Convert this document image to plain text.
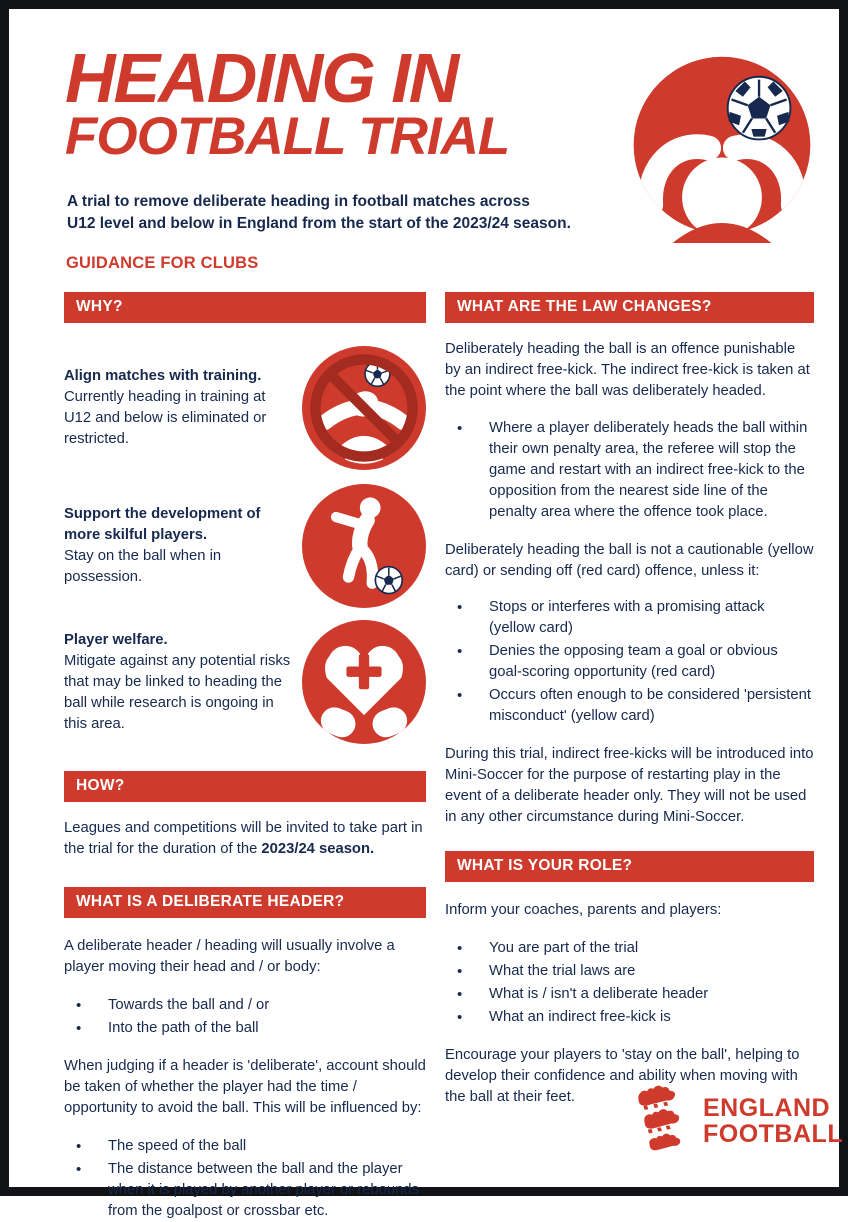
HEADING IN
FOOTBALL TRIAL
A trial to remove deliberate heading in football matches across
U12 level and below in England from the start of the 2023/24 season.
GUIDANCE FOR CLUBS
WHY?

Align matches with training.
Currently heading in training at U12 and below is eliminated or restricted.

Support the development of more skilful players.
Stay on the ball when in possession.

Player welfare.
Mitigate against any potential risks that may be linked to heading the ball while research is ongoing in this area.

HOW?

Leagues and competitions will be invited to take part in the trial for the duration of the 2023/24 season.

WHAT IS A DELIBERATE HEADER?

A deliberate header / heading will usually involve a player moving their head and / or body:

• Towards the ball and / or
• Into the path of the ball

When judging if a header is 'deliberate', account should be taken of whether the player had the time / opportunity to avoid the ball. This will be influenced by:

• The speed of the ball
• The distance between the ball and the player when it is played by another player or rebounds from the goalpost or crossbar etc.
WHAT ARE THE LAW CHANGES?

Deliberately heading the ball is an offence punishable by an indirect free-kick. The indirect free-kick is taken at the point where the ball was deliberately headed.

• Where a player deliberately heads the ball within their own penalty area, the referee will stop the game and restart with an indirect free-kick to the opposition from the nearest side line of the penalty area where the offence took place.

Deliberately heading the ball is not a cautionable (yellow card) or sending off (red card) offence, unless it:

• Stops or interferes with a promising attack (yellow card)
• Denies the opposing team a goal or obvious goal-scoring opportunity (red card)
• Occurs often enough to be considered 'persistent misconduct' (yellow card)

During this trial, indirect free-kicks will be introduced into Mini-Soccer for the purpose of restarting play in the event of a deliberate header only. They will not be used in any other circumstance during Mini-Soccer.

WHAT IS YOUR ROLE?

Inform your coaches, parents and players:

• You are part of the trial
• What the trial laws are
• What is / isn't a deliberate header
• What an indirect free-kick is

Encourage your players to 'stay on the ball', helping to develop their confidence and ability when moving with the ball at their feet.	ENGLAND
FOOTBALL
